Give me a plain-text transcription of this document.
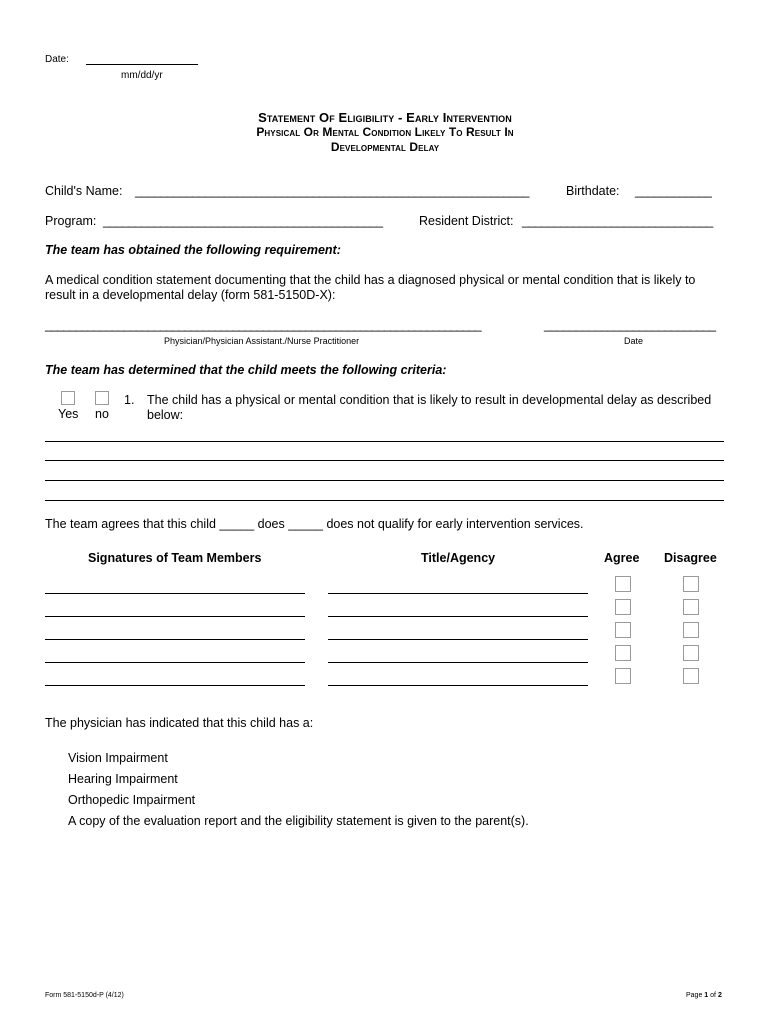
Date:
mm/dd/yr
Statement Of Eligibility - Early Intervention
Physical Or Mental Condition Likely To Result In
Developmental Delay
Child's Name: ______________________________________________________________	Birthdate: ____________
Program: ____________________________________________	Resident District: ______________________________
The team has obtained the following requirement:
A medical condition statement documenting that the child has a diagnosed physical or mental condition that is likely to result in a developmental delay (form 581-5150D-X):
________________________________________________________________________
Physician/Physician Assistant./Nurse Practitioner
___________________________
Date
The team has determined that the child meets the following criteria:
Yes no
1. The child has a physical or mental condition that is likely to result in developmental delay as described below:
The team agrees that this child _____ does _____ does not qualify for early intervention services.
Signatures of Team Members	Title/Agency	Agree Disagree
The physician has indicated that this child has a:
Vision Impairment
Hearing Impairment
Orthopedic Impairment
A copy of the evaluation report and the eligibility statement is given to the parent(s).
Form 581-5150d-P (4/12)	Page 1 of 2
